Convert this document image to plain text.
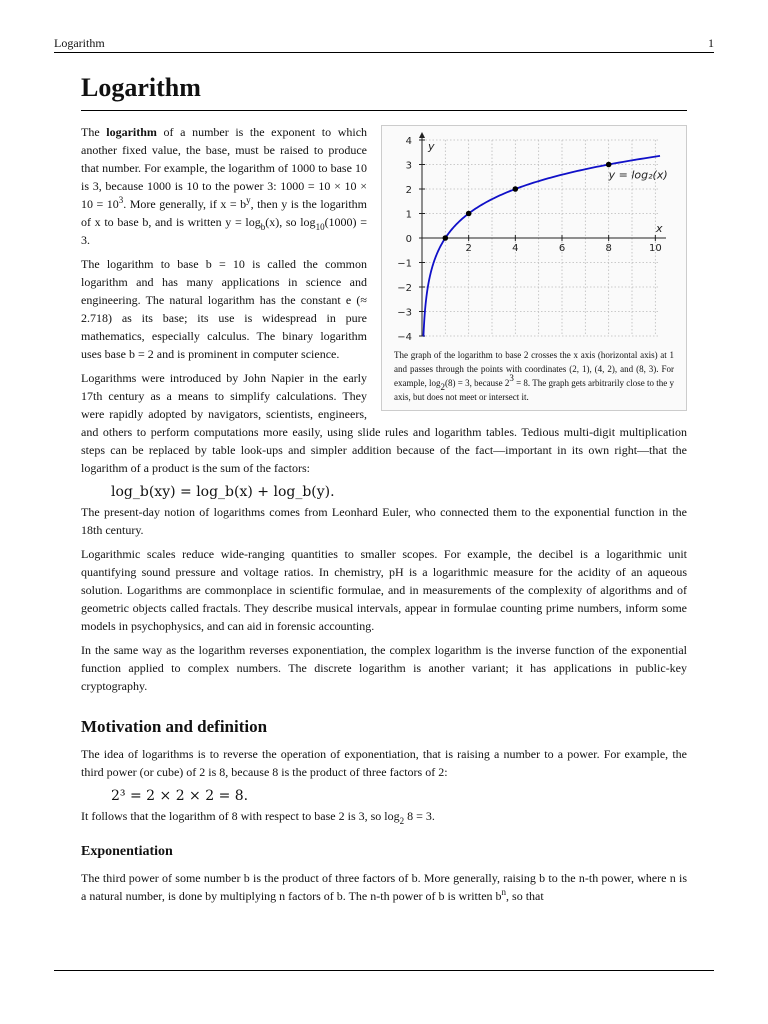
Logarithm	1
Logarithm
2	4	6	8	10
−4
−3
−2
−1
0
1
2
3
4
x
y
y = log₂(x)
The graph of the logarithm to base 2 crosses the x axis (horizontal axis) at 1 and passes through the points with coordinates (2, 1), (4, 2), and (8, 3). For example, $\log_2(8) = 3$, because $2^3 = 8$. The graph gets arbitrarily close to the y axis, but does not meet or intersect it.

The logarithm of a number is the exponent to which another fixed value, the base, must be raised to produce that number. For example, the logarithm of 1000 to base 10 is 3, because 1000 is 10 to the power 3: $1000 = 10 \times 10 \times 10 = 10^3$. More generally, if $x = b^y$, then y is the logarithm of x to base b, and is written $y = \log_b(x)$, so $\log_{10}(1000) = 3$.

The logarithm to base b = 10 is called the common logarithm and has many applications in science and engineering. The natural logarithm has the constant e (≈ 2.718) as its base; its use is widespread in pure mathematics, especially calculus. The binary logarithm uses base b = 2 and is prominent in computer science.

Logarithms were introduced by John Napier in the early 17th century as a means to simplify calculations. They were rapidly adopted by navigators, scientists, engineers, and others to perform computations more easily, using slide rules and logarithm tables. Tedious multi-digit multiplication steps can be replaced by table look-ups and simpler addition because of the fact—important in its own right—that the logarithm of a product is the sum of the factors:

log_b(xy) = log_b(x) + log_b(y).

The present-day notion of logarithms comes from Leonhard Euler, who connected them to the exponential function in the 18th century.

Logarithmic scales reduce wide-ranging quantities to smaller scopes. For example, the decibel is a logarithmic unit quantifying sound pressure and voltage ratios. In chemistry, pH is a logarithmic measure for the acidity of an aqueous solution. Logarithms are commonplace in scientific formulae, and in measurements of the complexity of algorithms and of geometric objects called fractals. They describe musical intervals, appear in formulae counting prime numbers, inform some models in psychophysics, and can aid in forensic accounting.

In the same way as the logarithm reverses exponentiation, the complex logarithm is the inverse function of the exponential function applied to complex numbers. The discrete logarithm is another variant; it has applications in public-key cryptography.

Motivation and definition

The idea of logarithms is to reverse the operation of exponentiation, that is raising a number to a power. For example, the third power (or cube) of 2 is 8, because 8 is the product of three factors of 2:

2³ = 2 × 2 × 2 = 8.

It follows that the logarithm of 8 with respect to base 2 is 3, so $\log_2 8 = 3$.

Exponentiation

The third power of some number b is the product of three factors of b. More generally, raising b to the n-th power, where n is a natural number, is done by multiplying n factors of b. The n-th power of b is written $b^n$, so that
